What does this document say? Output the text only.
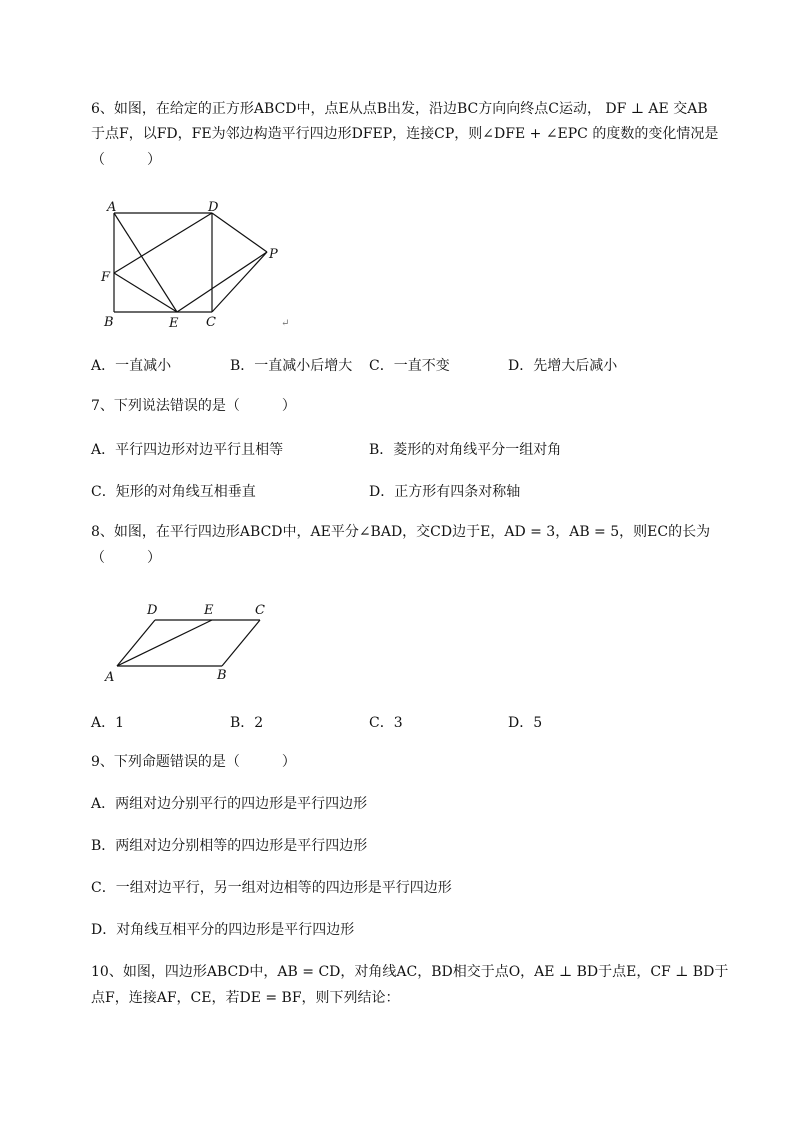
6、如图，在给定的正方形ABCD中，点E从点B出发，沿边BC方向向终点C运动， DF ⊥ AE 交AB
于点F，以FD，FE为邻边构造平行四边形DFEP，连接CP，则∠DFE + ∠EPC 的度数的变化情况是
（　　　）
A	D
P
F
B	E C	↵
A．一直减小	B．一直减小后增大 C．一直不变	D．先增大后减小
7、下列说法错误的是（　　　）
A．平行四边形对边平行且相等	B．菱形的对角线平分一组对角
C．矩形的对角线互相垂直	D．正方形有四条对称轴
8、如图，在平行四边形ABCD中，AE平分∠BAD，交CD边于E，AD = 3，AB = 5，则EC的长为
（　　　）
D	E	C
A	B
A．1	B．2	C．3	D．5
9、下列命题错误的是（　　　）
A．两组对边分别平行的四边形是平行四边形
B．两组对边分别相等的四边形是平行四边形
C．一组对边平行，另一组对边相等的四边形是平行四边形
D．对角线互相平分的四边形是平行四边形
10、如图，四边形ABCD中，AB = CD，对角线AC，BD相交于点O，AE ⊥ BD于点E，CF ⊥ BD于
点F，连接AF，CE，若DE = BF，则下列结论：
